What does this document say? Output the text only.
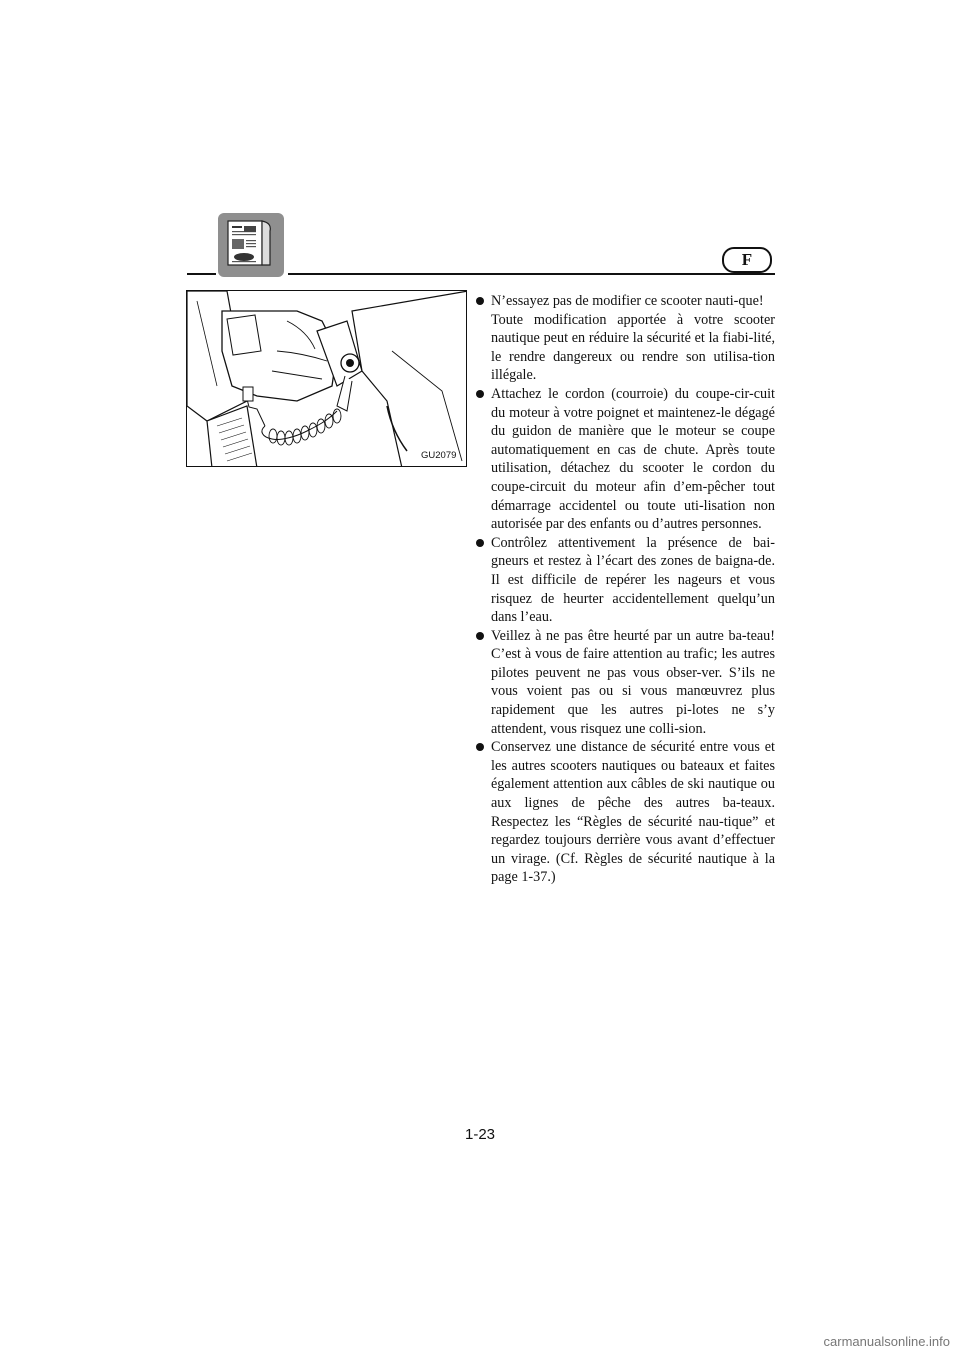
F
GU2079

N’essayez pas de modifier ce scooter nauti-que!

Toute modification apportée à votre scooter nautique peut en réduire la sécurité et la fiabi-lité, le rendre dangereux ou rendre son utilisa-tion illégale.

Attachez le cordon (courroie) du coupe-cir-cuit du moteur à votre poignet et maintenez-le dégagé du guidon de manière que le moteur se coupe automatiquement en cas de chute. Après toute utilisation, détachez du scooter le cordon du coupe-circuit du moteur afin d’em-pêcher tout démarrage accidentel ou toute uti-lisation non autorisée par des enfants ou d’autres personnes.

Contrôlez attentivement la présence de bai-gneurs et restez à l’écart des zones de baigna-de. Il est difficile de repérer les nageurs et vous risquez de heurter accidentellement quelqu’un dans l’eau.

Veillez à ne pas être heurté par un autre ba-teau! C’est à vous de faire attention au trafic; les autres pilotes peuvent ne pas vous obser-ver. S’ils ne vous voient pas ou si vous manœuvrez plus rapidement que les autres pi-lotes ne s’y attendent, vous risquez une colli-sion.

Conservez une distance de sécurité entre vous et les autres scooters nautiques ou bateaux et faites également attention aux câbles de ski nautique ou aux lignes de pêche des autres ba-teaux. Respectez les “Règles de sécurité nau-tique” et regardez toujours derrière vous avant d’effectuer un virage. (Cf. Règles de sécurité nautique à la page 1-37.)

1-23
carmanualsonline.info
